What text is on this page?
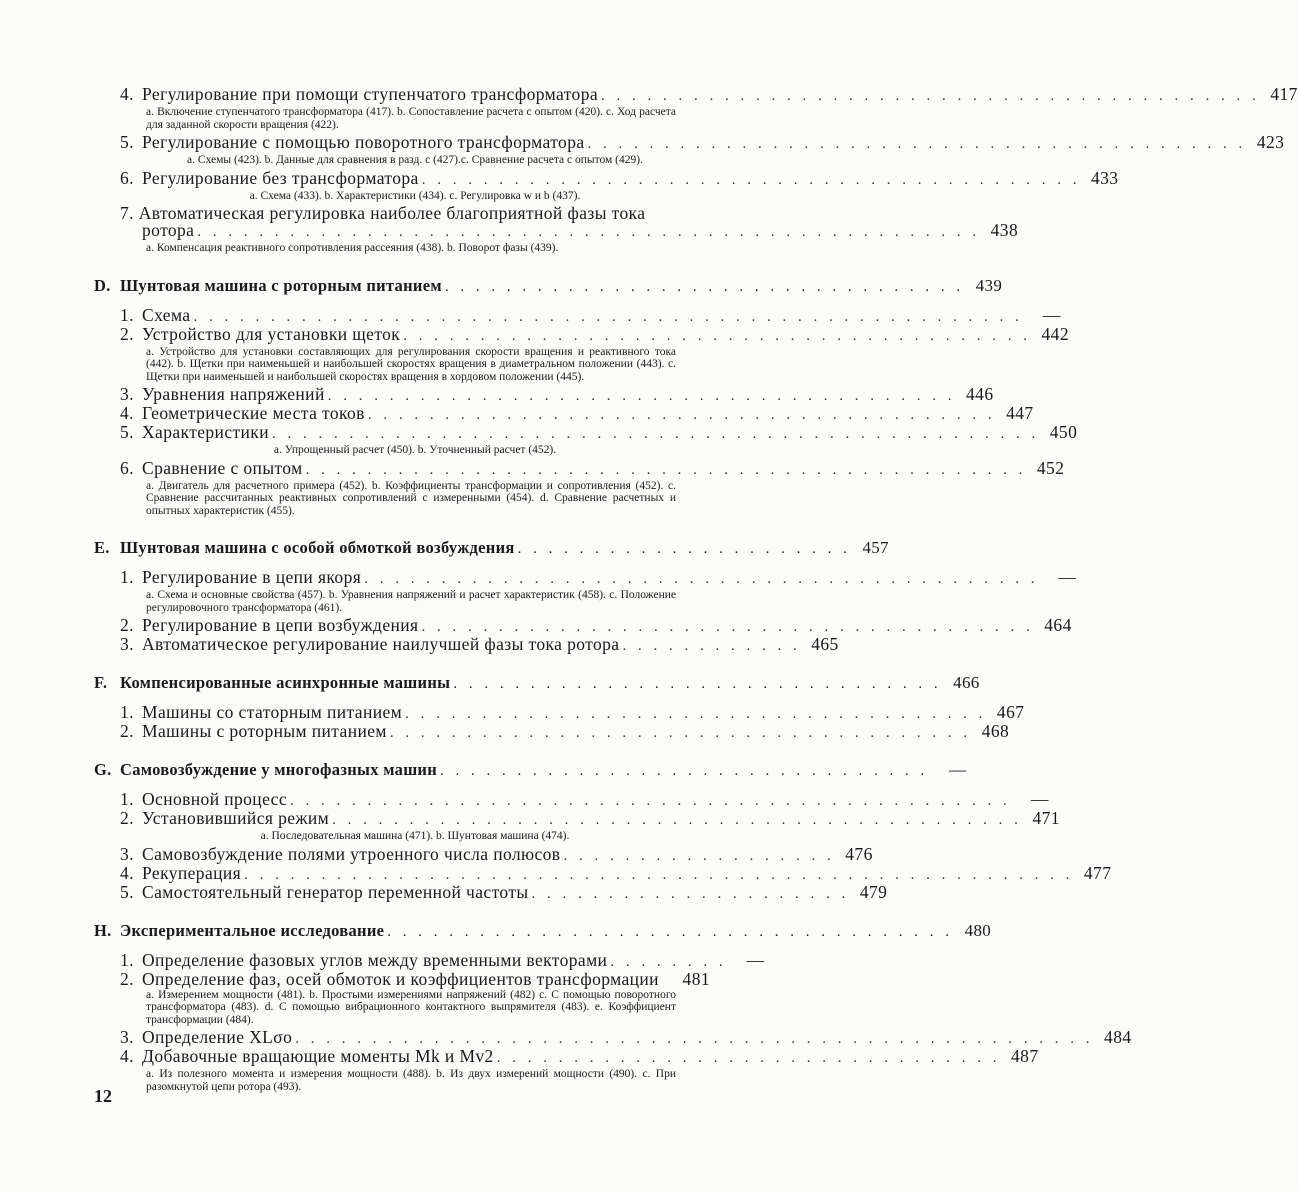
4. Регулирование при помощи ступенчатого трансформатора . . . . . . . . . . . . . . . . . . . . . . . . . . . . . . . . . . . . . . . . . . . 417
а. Включение ступенчатого трансформатора (417). b. Сопоставление расчета с опытом (420). с. Ход расчета для заданной скорости вращения (422).
5. Регулирование с помощью поворотного трансформатора . . . . . . . . . . . . . . . . . . . . . . . . . . . . . . . . . . . . . . . . . . . 423
а. Схемы (423). b. Данные для сравнения в разд. с (427).с. Сравнение расчета с опытом (429).
6. Регулирование без трансформатора . . . . . . . . . . . . . . . . . . . . . . . . . . . . . . . . . . . . . . . . . . . 433
а. Схема (433). b. Характеристики (434). с. Регулировка w и b (437).
7. Автоматическая регулировка наиболее благоприятной фазы тока
ротора . . . . . . . . . . . . . . . . . . . . . . . . . . . . . . . . . . . . . . . . . . . . . . . . . . . 438
а. Компенсация реактивного сопротивления рассеяния (438). b. Поворот фазы (439).
D. Шунтовая машина с роторным питанием . . . . . . . . . . . . . . . . . . . . . . . . . . . . . . . . . . 439
1. Схема . . . . . . . . . . . . . . . . . . . . . . . . . . . . . . . . . . . . . . . . . . . . . . . . . . . . . .	—
2. Устройство для установки щеток . . . . . . . . . . . . . . . . . . . . . . . . . . . . . . . . . . . . . . . . . 442
а. Устройство для установки составляющих для регулирования скорости вращения и реактивного тока (442). b. Щетки при наименьшей и наибольшей скоростях вращения в диаметральном положении (443). с. Щетки при наименьшей и наибольшей скоростях вращения в хордовом положении (445).
3. Уравнения напряжений . . . . . . . . . . . . . . . . . . . . . . . . . . . . . . . . . . . . . . . . . 446
4. Геометрические места токов . . . . . . . . . . . . . . . . . . . . . . . . . . . . . . . . . . . . . . . . . 447
5. Характеристики . . . . . . . . . . . . . . . . . . . . . . . . . . . . . . . . . . . . . . . . . . . . . . . . . . 450
а. Упрощенный расчет (450). b. Уточненный расчет (452).
6. Сравнение с опытом . . . . . . . . . . . . . . . . . . . . . . . . . . . . . . . . . . . . . . . . . . . . . . . 452
а. Двигатель для расчетного примера (452). b. Коэффициенты трансформации и сопротивления (452). с. Сравнение рассчитанных реактивных сопротивлений с измеренными (454). d. Сравнение расчетных и опытных характеристик (455).
E. Шунтовая машина с особой обмоткой возбуждения . . . . . . . . . . . . . . . . . . . . . . 457
1. Регулирование в цепи якоря . . . . . . . . . . . . . . . . . . . . . . . . . . . . . . . . . . . . . . . . . . . .	—
а. Схема и основные свойства (457). b. Уравнения напряжений и расчет характеристик (458). с. Положение регулировочного трансформатора (461).
2. Регулирование в цепи возбуждения . . . . . . . . . . . . . . . . . . . . . . . . . . . . . . . . . . . . . . . . 464
3. Автоматическое регулирование наилучшей фазы тока ротора . . . . . . . . . . . . 465
F. Компенсированные асинхронные машины . . . . . . . . . . . . . . . . . . . . . . . . . . . . . . . . 466
1. Машины со статорным питанием . . . . . . . . . . . . . . . . . . . . . . . . . . . . . . . . . . . . . . 467
2. Машины с роторным питанием . . . . . . . . . . . . . . . . . . . . . . . . . . . . . . . . . . . . . . 468
G. Самовозбуждение у многофазных машин . . . . . . . . . . . . . . . . . . . . . . . . . . . . . . . .	—
1. Основной процесс . . . . . . . . . . . . . . . . . . . . . . . . . . . . . . . . . . . . . . . . . . . . . . .	—
2. Установившийся режим . . . . . . . . . . . . . . . . . . . . . . . . . . . . . . . . . . . . . . . . . . . . . 471
а. Последовательная машина (471). b. Шунтовая машина (474).
3. Самовозбуждение полями утроенного числа полюсов . . . . . . . . . . . . . . . . . . 476
4. Рекуперация . . . . . . . . . . . . . . . . . . . . . . . . . . . . . . . . . . . . . . . . . . . . . . . . . . . . . . 477
5. Самостоятельный генератор переменной частоты . . . . . . . . . . . . . . . . . . . . . 479
H. Экспериментальное исследование . . . . . . . . . . . . . . . . . . . . . . . . . . . . . . . . . . . . . 480
1. Определение фазовых углов между временными векторами . . . . . . . .	—
2. Определение фаз, осей обмоток и коэффициентов трансформации	481
а. Измерением мощности (481). b. Простыми измерениями напряжений (482) с. С помощью поворотного трансформатора (483). d. С помощью вибрационного контактного выпрямителя (483). е. Коэффициент трансформации (484).
3. Определение XLσo . . . . . . . . . . . . . . . . . . . . . . . . . . . . . . . . . . . . . . . . . . . . . . . . . . . . 484
4. Добавочные вращающие моменты Mk и Mv2 . . . . . . . . . . . . . . . . . . . . . . . . . . . . . . . . . 487
а. Из полезного момента и измерения мощности (488). b. Из двух измерений мощности (490). с. При разомкнутой цепи ротора (493).
12
